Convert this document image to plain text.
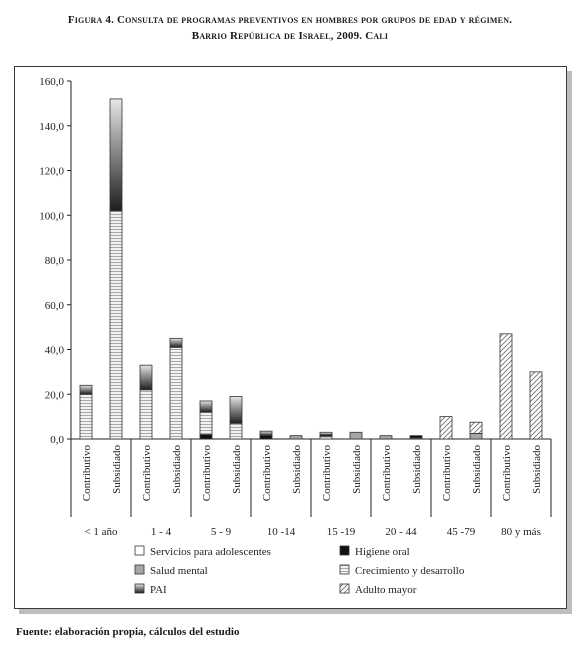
Figura 4. Consulta de programas preventivos en hombres por grupos de edad y régimen.
Barrio República de Israel, 2009. Cali
0,0
20,0
40,0
60,0
80,0
100,0
120,0
140,0
160,0
Contributivo Subsidiado
< 1 año
Contributivo Subsidiado
1 - 4
Contributivo Subsidiado
5 - 9
Contributivo Subsidiado
10 -14
Contributivo Subsidiado
15 -19
Contributivo Subsidiado
20 - 44
Contributivo Subsidiado
45 -79
Contributivo Subsidiado
80 y más
Servicios para adolescentes	Higiene oral
Salud mental	Crecimiento y desarrollo
PAI	Adulto mayor
Fuente: elaboración propia, cálculos del estudio
